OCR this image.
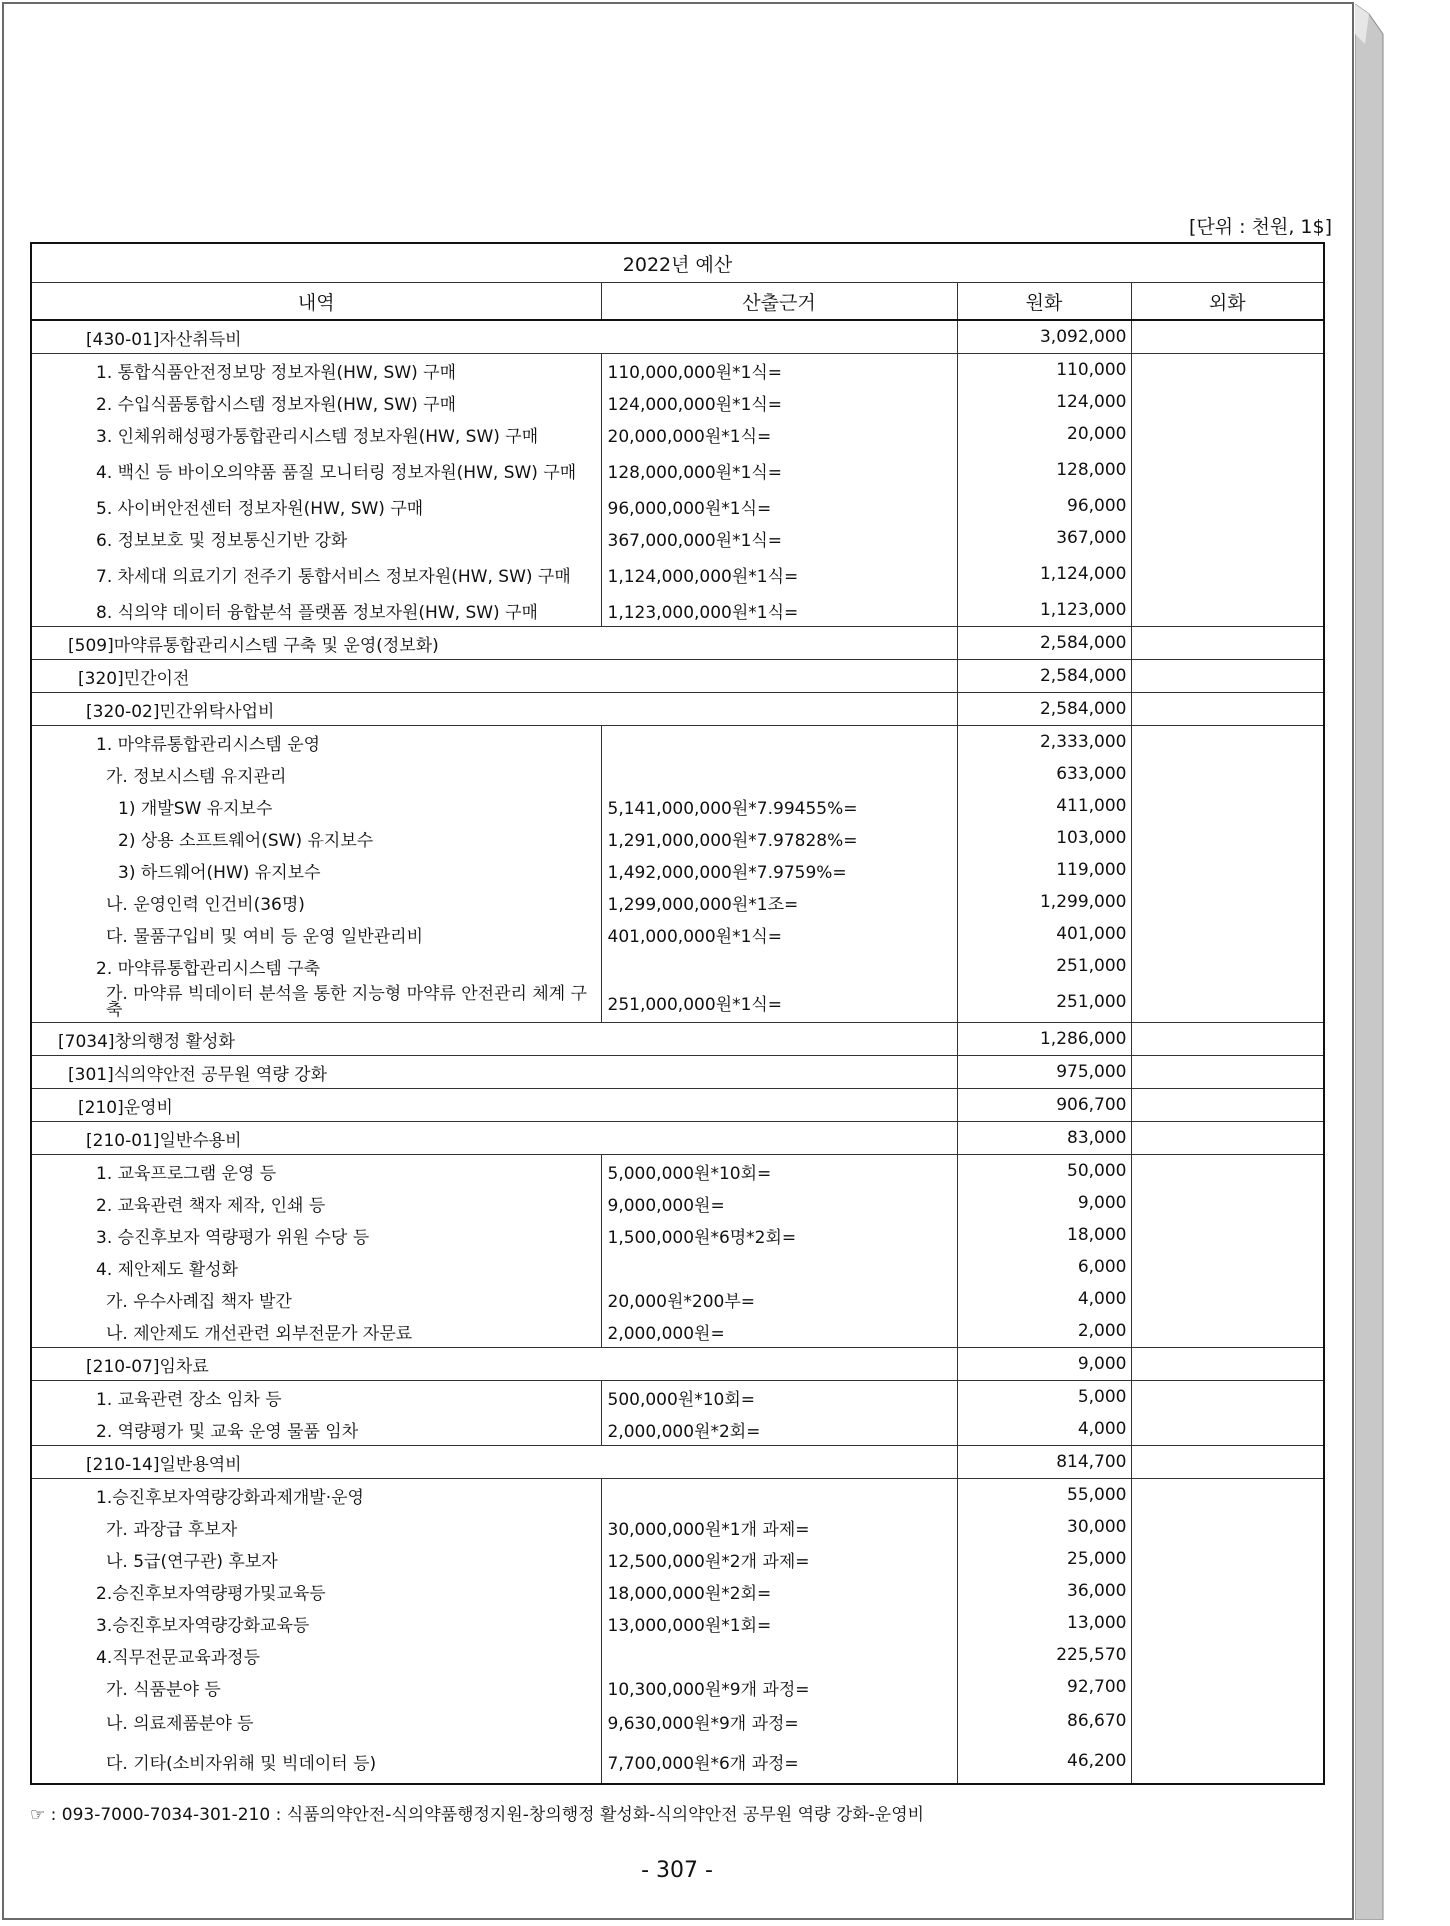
[단위 : 천원, 1$]
2022년 예산			
내역	산출근거	원화	외화
[430-01]자산취득비		3,092,000	
1. 통합식품안전정보망 정보자원(HW, SW) 구매	110,000,000원*1식=	110,000	
2. 수입식품통합시스템 정보자원(HW, SW) 구매	124,000,000원*1식=	124,000	
3. 인체위해성평가통합관리시스템 정보자원(HW, SW) 구매	20,000,000원*1식=	20,000	
4. 백신 등 바이오의약품 품질 모니터링 정보자원(HW, SW) 구매	128,000,000원*1식=	128,000	
5. 사이버안전센터 정보자원(HW, SW) 구매	96,000,000원*1식=	96,000	
6. 정보보호 및 정보통신기반 강화	367,000,000원*1식=	367,000	
7. 차세대 의료기기 전주기 통합서비스 정보자원(HW, SW) 구매	1,124,000,000원*1식=	1,124,000	
8. 식의약 데이터 융합분석 플랫폼 정보자원(HW, SW) 구매	1,123,000,000원*1식=	1,123,000	
[509]마약류통합관리시스템 구축 및 운영(정보화)		2,584,000	
[320]민간이전		2,584,000	
[320-02]민간위탁사업비		2,584,000	
1. 마약류통합관리시스템 운영		2,333,000	
가. 정보시스템 유지관리		633,000	
1) 개발SW 유지보수	5,141,000,000원*7.99455%=	411,000	
2) 상용 소프트웨어(SW) 유지보수	1,291,000,000원*7.97828%=	103,000	
3) 하드웨어(HW) 유지보수	1,492,000,000원*7.9759%=	119,000	
나. 운영인력 인건비(36명)	1,299,000,000원*1조=	1,299,000	
다. 물품구입비 및 여비 등 운영 일반관리비	401,000,000원*1식=	401,000	
2. 마약류통합관리시스템 구축		251,000	
가. 마약류 빅데이터 분석을 통한 지능형 마약류 안전관리 체계 구축	251,000,000원*1식=	251,000	
[7034]창의행정 활성화		1,286,000	
[301]식의약안전 공무원 역량 강화		975,000	
[210]운영비		906,700	
[210-01]일반수용비		83,000	
1. 교육프로그램 운영 등	5,000,000원*10회=	50,000	
2. 교육관련 책자 제작, 인쇄 등	9,000,000원=	9,000	
3. 승진후보자 역량평가 위원 수당 등	1,500,000원*6명*2회=	18,000	
4. 제안제도 활성화		6,000	
가. 우수사례집 책자 발간	20,000원*200부=	4,000	
나. 제안제도 개선관련 외부전문가 자문료	2,000,000원=	2,000	
[210-07]임차료		9,000	
1. 교육관련 장소 임차 등	500,000원*10회=	5,000	
2. 역량평가 및 교육 운영 물품 임차	2,000,000원*2회=	4,000	
[210-14]일반용역비		814,700	
1.승진후보자역량강화과제개발·운영		55,000	
가. 과장급 후보자	30,000,000원*1개 과제=	30,000	
나. 5급(연구관) 후보자	12,500,000원*2개 과제=	25,000	
2.승진후보자역량평가및교육등	18,000,000원*2회=	36,000	
3.승진후보자역량강화교육등	13,000,000원*1회=	13,000	
4.직무전문교육과정등		225,570	
가. 식품분야 등	10,300,000원*9개 과정=	92,700	
나. 의료제품분야 등	9,630,000원*9개 과정=	86,670	
다. 기타(소비자위해 및 빅데이터 등)	7,700,000원*6개 과정=	46,200	
☞ : 093-7000-7034-301-210 : 식품의약안전-식의약품행정지원-창의행정 활성화-식의약안전 공무원 역량 강화-운영비
- 307 -
